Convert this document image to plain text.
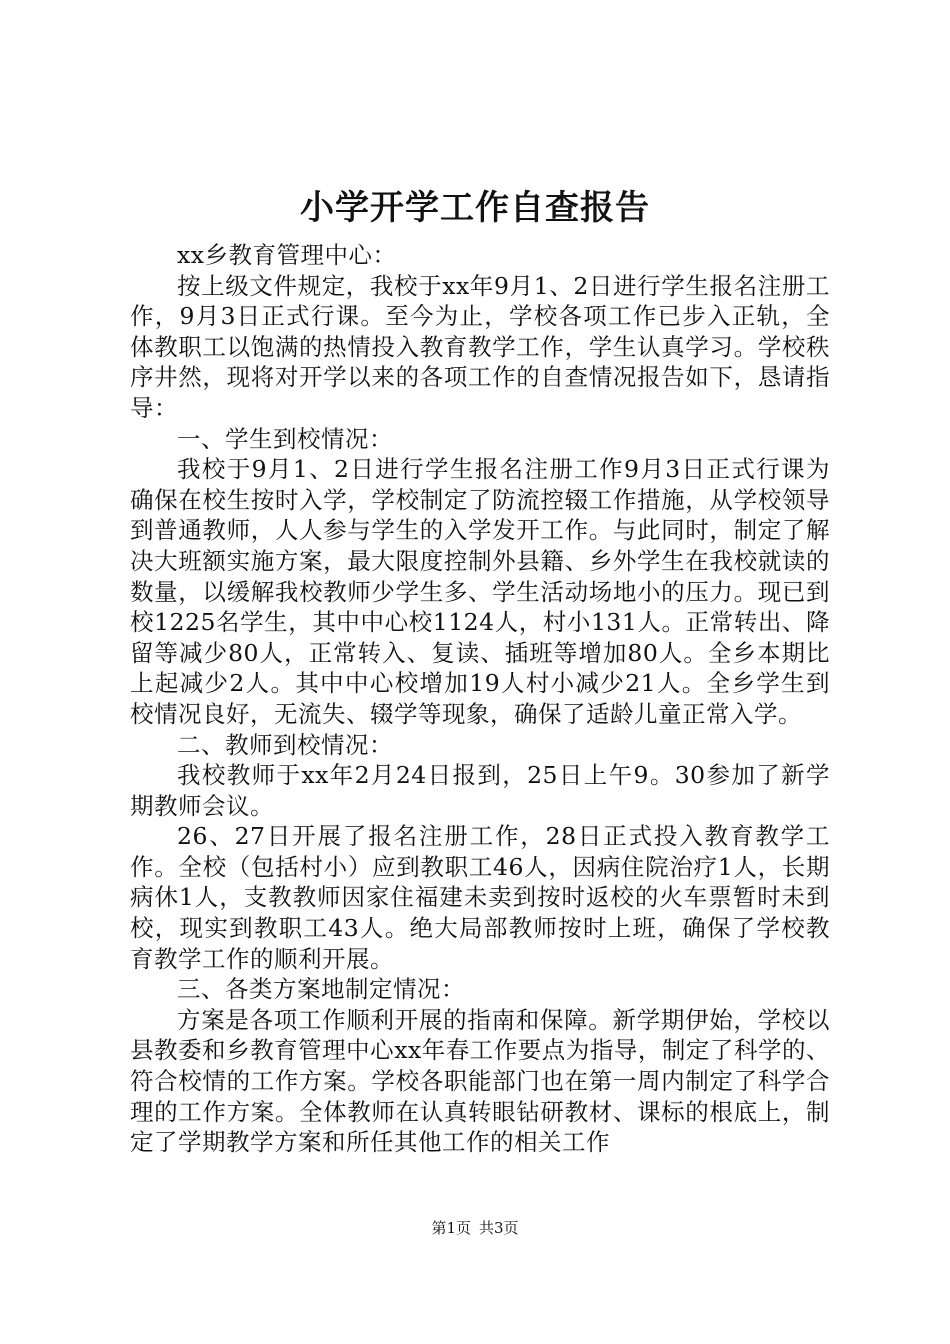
小学开学工作自查报告

xx乡教育管理中心：

按上级文件规定，我校于xx年9月1、2日进行学生报名注册工作，9月3日正式行课。至今为止，学校各项工作已步入正轨，全体教职工以饱满的热情投入教育教学工作，学生认真学习。学校秩序井然，现将对开学以来的各项工作的自查情况报告如下，恳请指导：

一、学生到校情况：

我校于9月1、2日进行学生报名注册工作9月3日正式行课为确保在校生按时入学，学校制定了防流控辍工作措施，从学校领导到普通教师，人人参与学生的入学发开工作。与此同时，制定了解决大班额实施方案，最大限度控制外县籍、乡外学生在我校就读的数量，以缓解我校教师少学生多、学生活动场地小的压力。现已到校1225名学生，其中中心校1124人，村小131人。正常转出、降留等减少80人，正常转入、复读、插班等增加80人。全乡本期比上起减少2人。其中中心校增加19人村小减少21人。全乡学生到校情况良好，无流失、辍学等现象，确保了适龄儿童正常入学。

二、教师到校情况：

我校教师于xx年2月24日报到，25日上午9。30参加了新学期教师会议。

26、27日开展了报名注册工作，28日正式投入教育教学工作。全校（包括村小）应到教职工46人，因病住院治疗1人，长期病休1人，支教教师因家住福建未卖到按时返校的火车票暂时未到校，现实到教职工43人。绝大局部教师按时上班，确保了学校教育教学工作的顺利开展。

三、各类方案地制定情况：

方案是各项工作顺利开展的指南和保障。新学期伊始，学校以县教委和乡教育管理中心xx年春工作要点为指导，制定了科学的、符合校情的工作方案。学校各职能部门也在第一周内制定了科学合理的工作方案。全体教师在认真转眼钻研教材、课标的根底上，制定了学期教学方案和所任其他工作的相关工作

第1页 共3页
